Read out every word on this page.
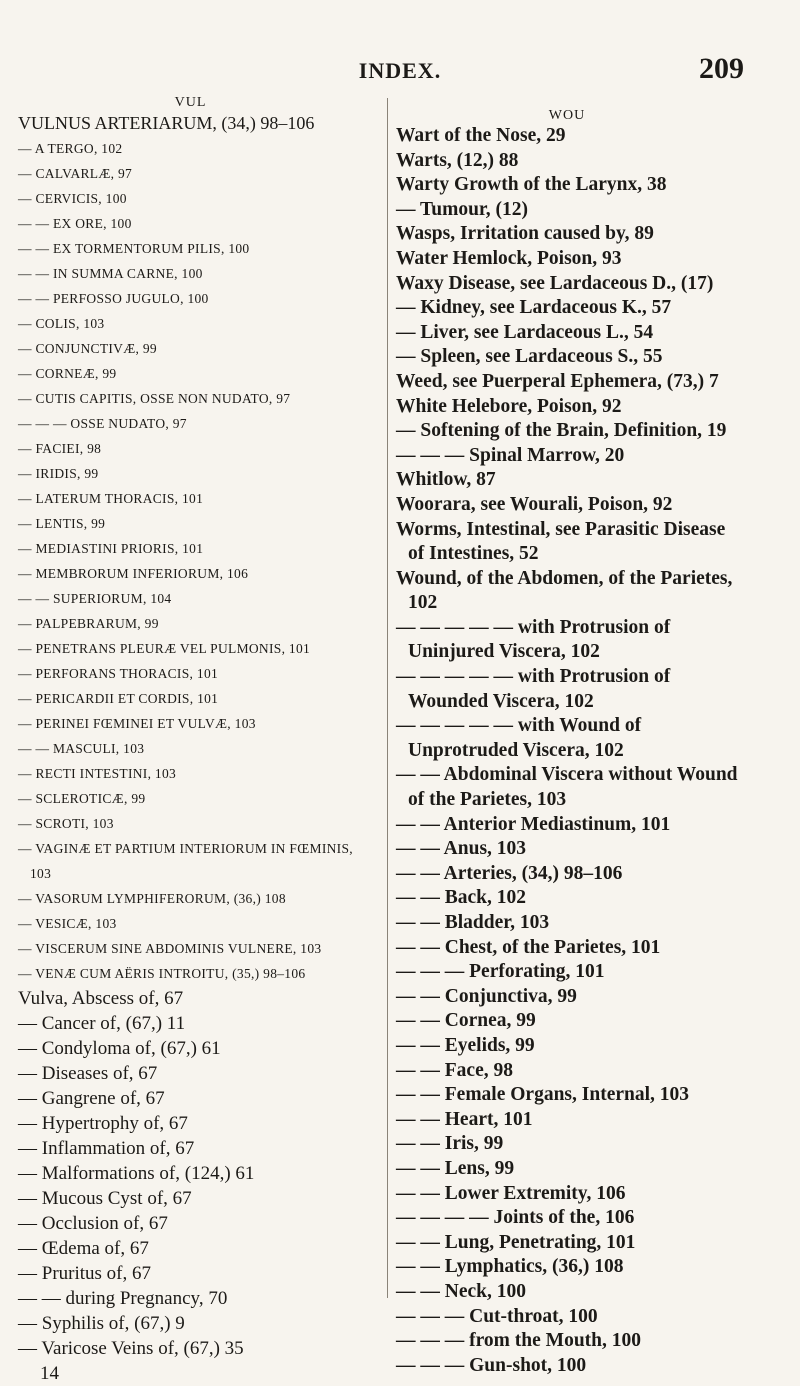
INDEX.	209
VUL
VULNUS ARTERIARUM, (34,) 98–106
— A TERGO, 102
— CALVARLÆ, 97
— CERVICIS, 100
— — EX ORE, 100
— — EX TORMENTORUM PILIS, 100
— — IN SUMMA CARNE, 100
— — PERFOSSO JUGULO, 100
— COLIS, 103
— CONJUNCTIVÆ, 99
— CORNEÆ, 99
— CUTIS CAPITIS, OSSE NON NUDATO, 97
— — — OSSE NUDATO, 97
— FACIEI, 98
— IRIDIS, 99
— LATERUM THORACIS, 101
— LENTIS, 99
— MEDIASTINI PRIORIS, 101
— MEMBRORUM INFERIORUM, 106
— — SUPERIORUM, 104
— PALPEBRARUM, 99
— PENETRANS PLEURÆ VEL PULMONIS, 101
— PERFORANS THORACIS, 101
— PERICARDII ET CORDIS, 101
— PERINEI FŒMINEI ET VULVÆ, 103
— — MASCULI, 103
— RECTI INTESTINI, 103
— SCLEROTICÆ, 99
— SCROTI, 103
— VAGINÆ ET PARTIUM INTERIORUM IN FŒMINIS, 103
— VASORUM LYMPHIFERORUM, (36,) 108
— VESICÆ, 103
— VISCERUM SINE ABDOMINIS VULNERE, 103
— VENÆ CUM AËRIS INTROITU, (35,) 98–106
Vulva, Abscess of, 67
— Cancer of, (67,) 11
— Condyloma of, (67,) 61
— Diseases of, 67
— Gangrene of, 67
— Hypertrophy of, 67
— Inflammation of, 67
— Malformations of, (124,) 61
— Mucous Cyst of, 67
— Occlusion of, 67
— Œdema of, 67
— Pruritus of, 67
— — during Pregnancy, 70
— Syphilis of, (67,) 9
— Varicose Veins of, (67,) 35
14
WOU
Wart of the Nose, 29
Warts, (12,) 88
Warty Growth of the Larynx, 38
— Tumour, (12)
Wasps, Irritation caused by, 89
Water Hemlock, Poison, 93
Waxy Disease, see Lardaceous D., (17)
— Kidney, see Lardaceous K., 57
— Liver, see Lardaceous L., 54
— Spleen, see Lardaceous S., 55
Weed, see Puerperal Ephemera, (73,) 7
White Helebore, Poison, 92
— Softening of the Brain, Definition, 19
— — — Spinal Marrow, 20
Whitlow, 87
Woorara, see Wourali, Poison, 92
Worms, Intestinal, see Parasitic Disease of Intestines, 52
Wound, of the Abdomen, of the Parietes, 102
— — — — — with Protrusion of Uninjured Viscera, 102
— — — — — with Protrusion of Wounded Viscera, 102
— — — — — with Wound of Unprotruded Viscera, 102
— — Abdominal Viscera without Wound of the Parietes, 103
— — Anterior Mediastinum, 101
— — Anus, 103
— — Arteries, (34,) 98–106
— — Back, 102
— — Bladder, 103
— — Chest, of the Parietes, 101
— — — Perforating, 101
— — Conjunctiva, 99
— — Cornea, 99
— — Eyelids, 99
— — Face, 98
— — Female Organs, Internal, 103
— — Heart, 101
— — Iris, 99
— — Lens, 99
— — Lower Extremity, 106
— — — — Joints of the, 106
— — Lung, Penetrating, 101
— — Lymphatics, (36,) 108
— — Neck, 100
— — — Cut-throat, 100
— — — from the Mouth, 100
— — — Gun-shot, 100
